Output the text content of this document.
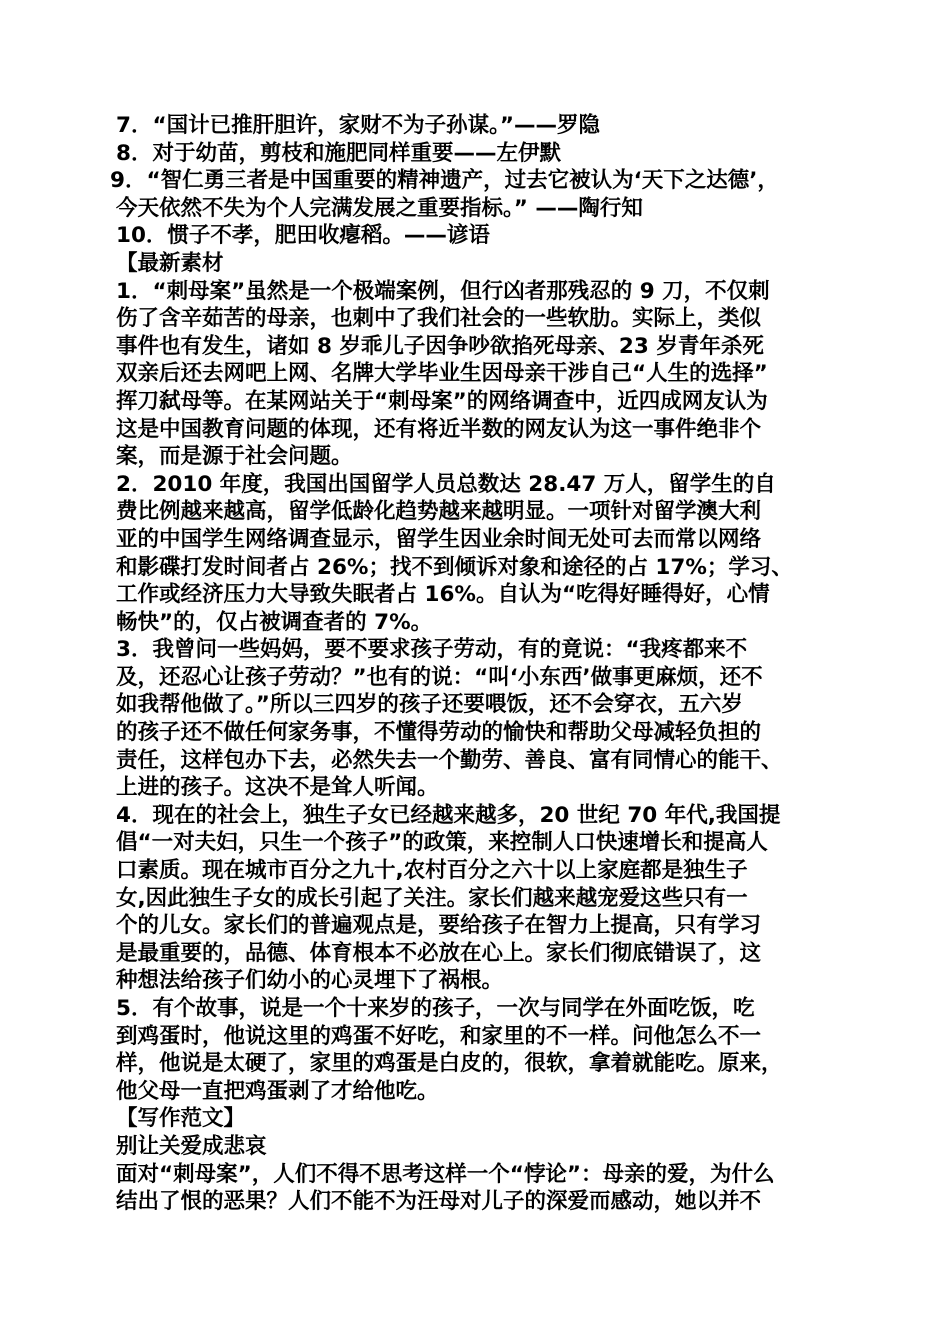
7．“国计已推肝胆许，家财不为子孙谋。”——罗隐
8．对于幼苗，剪枝和施肥同样重要——左伊默
9．“智仁勇三者是中国重要的精神遗产，过去它被认为‘天下之达德’，
今天依然不失为个人完满发展之重要指标。” ——陶行知
10．惯子不孝，肥田收瘪稻。——谚语
【最新素材
1．“刺母案”虽然是一个极端案例，但行凶者那残忍的 9 刀，不仅刺
伤了含辛茹苦的母亲，也刺中了我们社会的一些软肋。实际上，类似
事件也有发生，诸如 8 岁乖儿子因争吵欲掐死母亲、23 岁青年杀死
双亲后还去网吧上网、名牌大学毕业生因母亲干涉自己“人生的选择”
挥刀弑母等。在某网站关于“刺母案”的网络调查中，近四成网友认为
这是中国教育问题的体现，还有将近半数的网友认为这一事件绝非个
案，而是源于社会问题。
2．2010 年度，我国出国留学人员总数达 28.47 万人，留学生的自
费比例越来越高，留学低龄化趋势越来越明显。一项针对留学澳大利
亚的中国学生网络调查显示，留学生因业余时间无处可去而常以网络
和影碟打发时间者占 26%；找不到倾诉对象和途径的占 17%；学习、
工作或经济压力大导致失眠者占 16%。自认为“吃得好睡得好，心情
畅快”的，仅占被调查者的 7%。
3．我曾问一些妈妈，要不要求孩子劳动，有的竟说：“我疼都来不
及，还忍心让孩子劳动？”也有的说：“叫‘小东西’做事更麻烦，还不
如我帮他做了。”所以三四岁的孩子还要喂饭，还不会穿衣，五六岁
的孩子还不做任何家务事，不懂得劳动的愉快和帮助父母减轻负担的
责任，这样包办下去，必然失去一个勤劳、善良、富有同情心的能干、
上进的孩子。这决不是耸人听闻。
4．现在的社会上，独生子女已经越来越多，20 世纪 70 年代,我国提
倡“一对夫妇，只生一个孩子”的政策，来控制人口快速增长和提高人
口素质。现在城市百分之九十,农村百分之六十以上家庭都是独生子
女,因此独生子女的成长引起了关注。家长们越来越宠爱这些只有一
个的儿女。家长们的普遍观点是，要给孩子在智力上提高，只有学习
是最重要的，品德、体育根本不必放在心上。家长们彻底错误了，这
种想法给孩子们幼小的心灵埋下了祸根。
5．有个故事，说是一个十来岁的孩子，一次与同学在外面吃饭，吃
到鸡蛋时，他说这里的鸡蛋不好吃，和家里的不一样。问他怎么不一
样，他说是太硬了，家里的鸡蛋是白皮的，很软，拿着就能吃。原来，
他父母一直把鸡蛋剥了才给他吃。
【写作范文】
别让关爱成悲哀
面对“刺母案”，人们不得不思考这样一个“悖论”：母亲的爱，为什么
结出了恨的恶果？人们不能不为汪母对儿子的深爱而感动，她以并不
